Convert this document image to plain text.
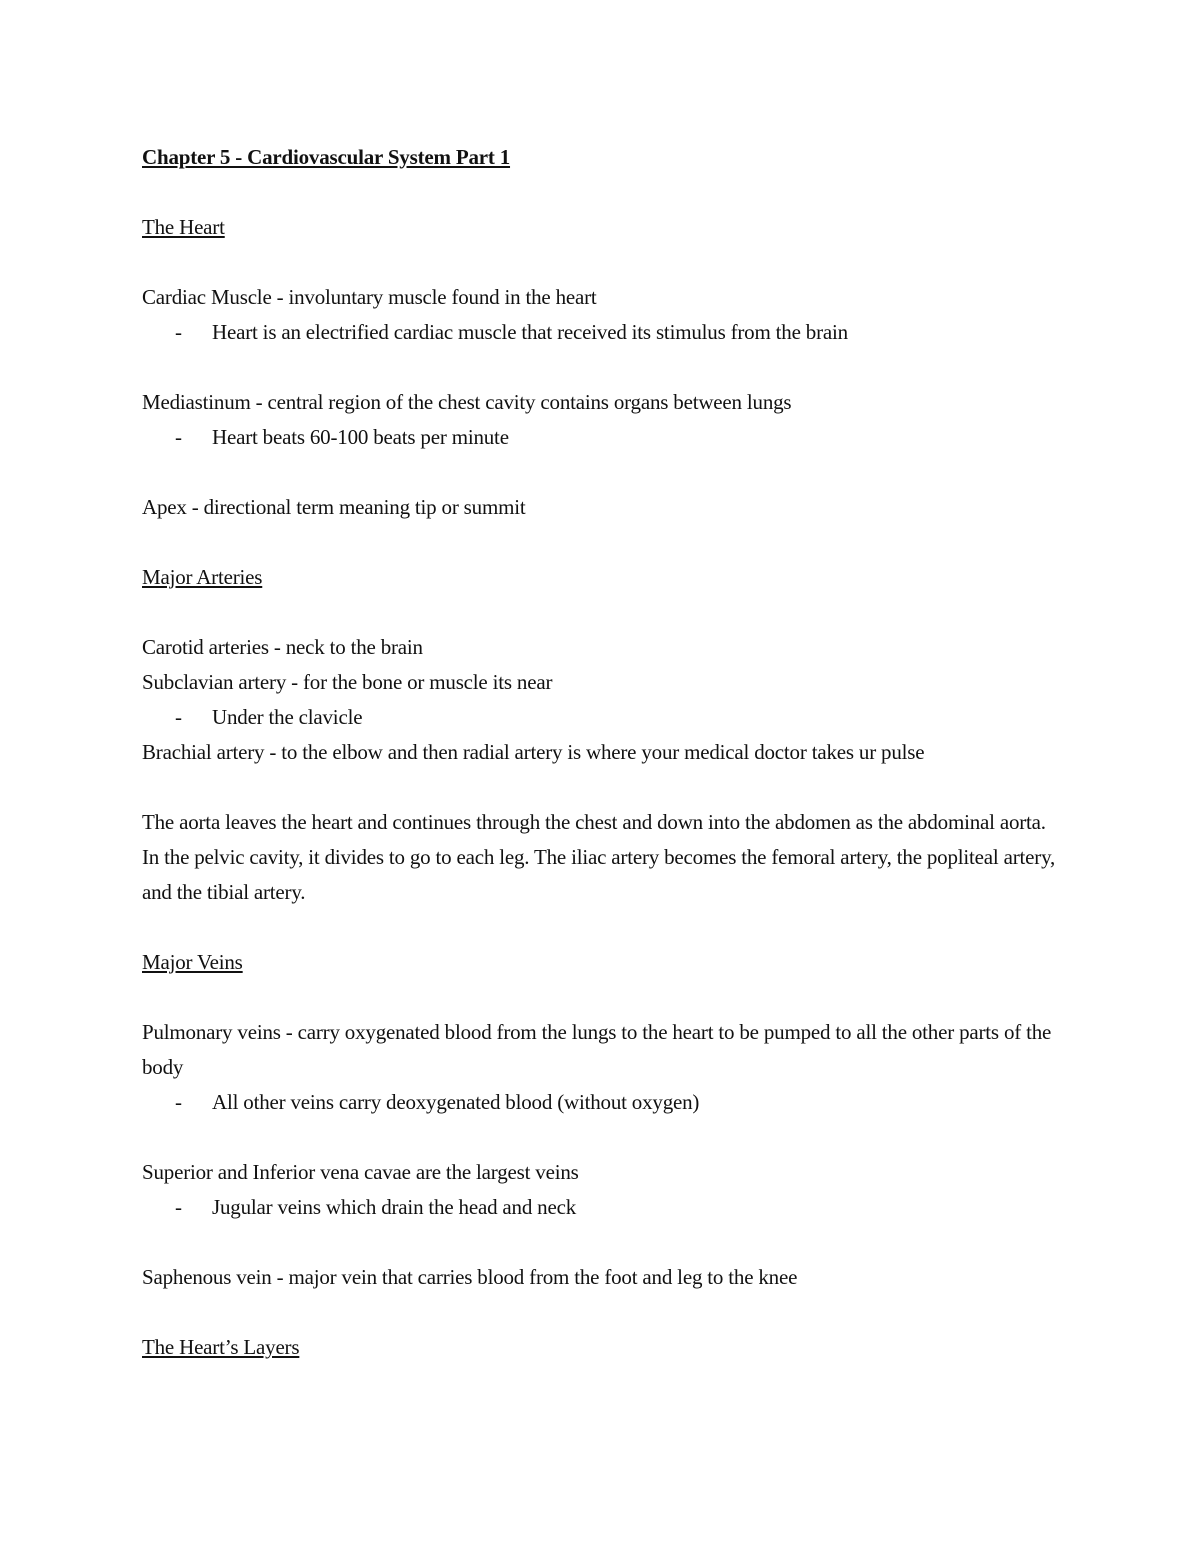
Chapter 5 - Cardiovascular System Part 1

The Heart

Cardiac Muscle - involuntary muscle found in the heart

- Heart is an electrified cardiac muscle that received its stimulus from the brain

Mediastinum - central region of the chest cavity contains organs between lungs

- Heart beats 60-100 beats per minute

Apex - directional term meaning tip or summit

Major Arteries

Carotid arteries - neck to the brain

Subclavian artery - for the bone or muscle its near

- Under the clavicle

Brachial artery - to the elbow and then radial artery is where your medical doctor takes ur pulse

The aorta leaves the heart and continues through the chest and down into the abdomen as the abdominal aorta. In the pelvic cavity, it divides to go to each leg. The iliac artery becomes the femoral artery, the popliteal artery, and the tibial artery.

Major Veins

Pulmonary veins - carry oxygenated blood from the lungs to the heart to be pumped to all the other parts of the body

- All other veins carry deoxygenated blood (without oxygen)

Superior and Inferior vena cavae are the largest veins

- Jugular veins which drain the head and neck

Saphenous vein - major vein that carries blood from the foot and leg to the knee

The Heart’s Layers
